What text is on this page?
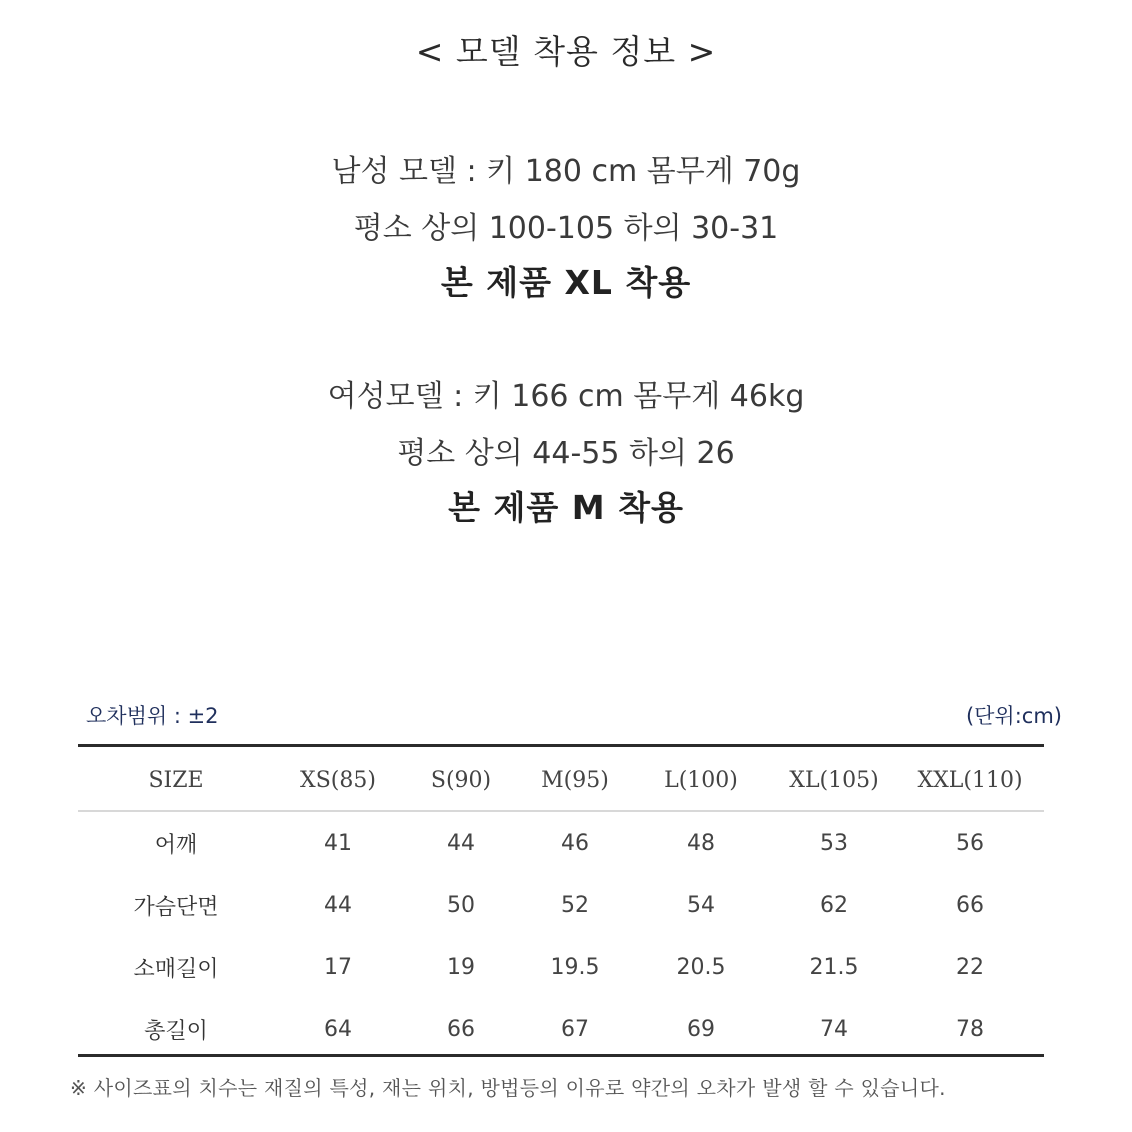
< 모델 착용 정보 >
남성 모델 : 키 180 cm 몸무게 70g
평소 상의 100-105 하의 30-31
본 제품 XL 착용
여성모델 : 키 166 cm 몸무게 46kg
평소 상의 44-55 하의 26
본 제품 M 착용
오차범위 : ±2	(단위:cm)
SIZE	XS(85)	S(90)	M(95)	L(100)	XL(105)	XXL(110)
어깨	41	44	46	48	53	56
가슴단면	44	50	52	54	62	66
소매길이	17	19	19.5	20.5	21.5	22
총길이	64	66	67	69	74	78
※ 사이즈표의 치수는 재질의 특성, 재는 위치, 방법등의 이유로 약간의 오차가 발생 할 수 있습니다.
